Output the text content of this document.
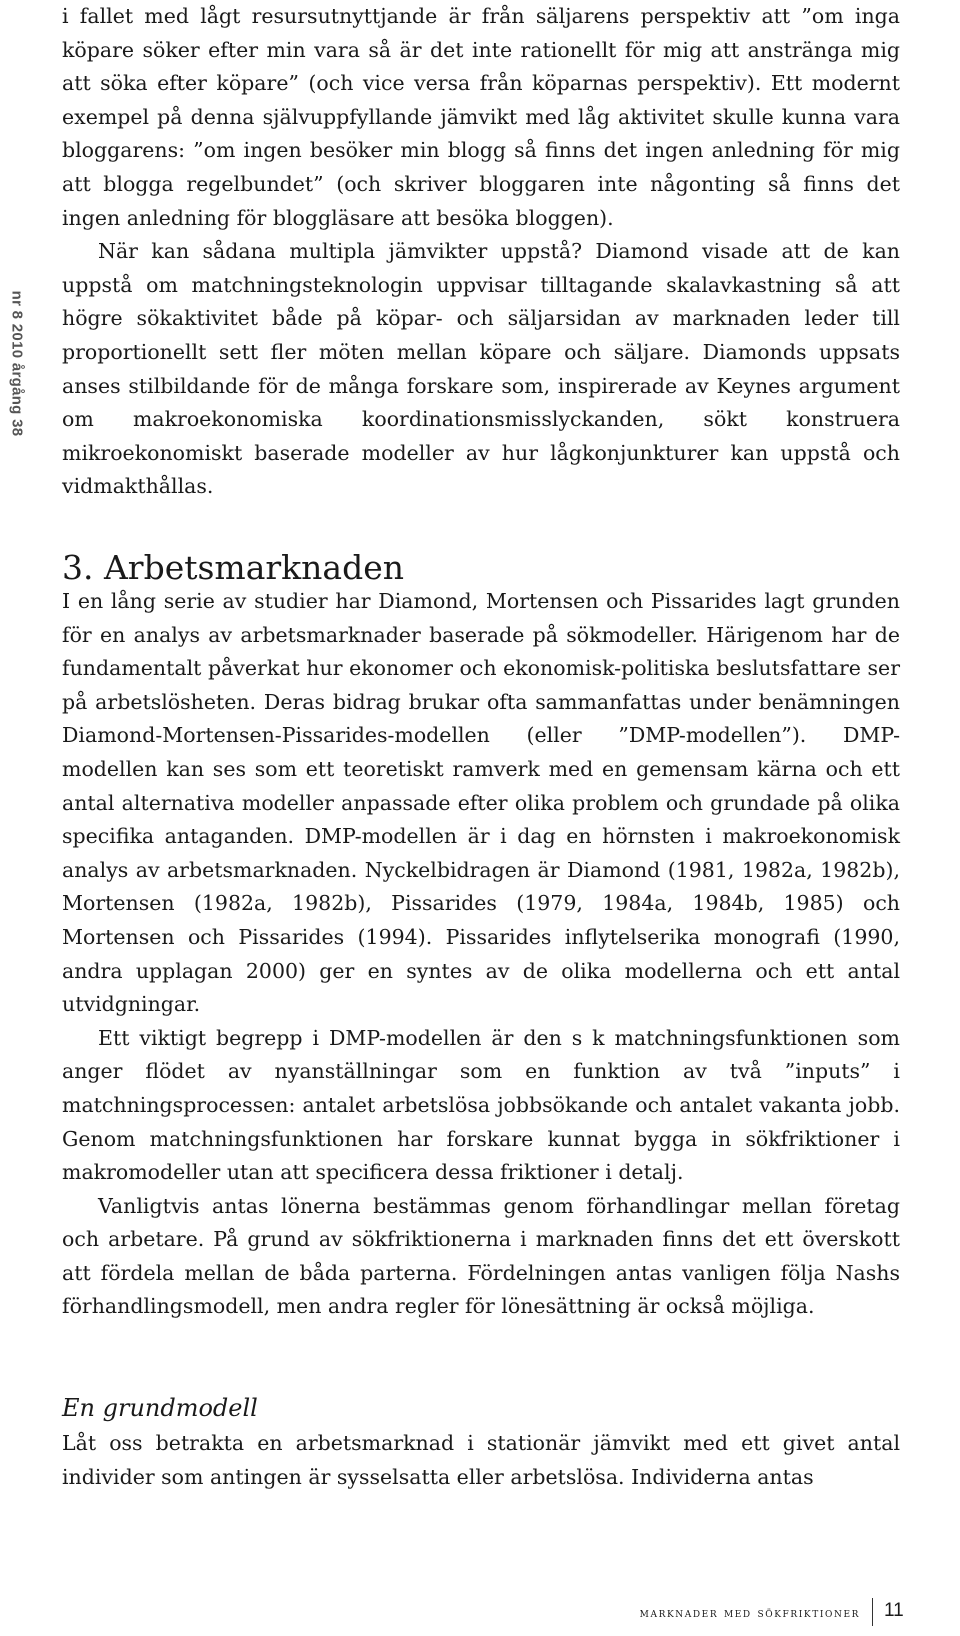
nr 8 2010 årgång 38

i fallet med lågt resursutnyttjande är från säljarens perspektiv att ”om inga köpare söker efter min vara så är det inte rationellt för mig att anstränga mig att söka efter köpare” (och vice versa från köparnas perspektiv). Ett modernt exempel på denna självuppfyllande jämvikt med låg aktivitet skulle kunna vara bloggarens: ”om ingen besöker min blogg så finns det ingen anledning för mig att blogga regelbundet” (och skriver bloggaren inte någonting så finns det ingen anledning för bloggläsare att besöka bloggen).

När kan sådana multipla jämvikter uppstå? Diamond visade att de kan uppstå om matchningsteknologin uppvisar tilltagande skalavkastning så att högre sökaktivitet både på köpar- och säljarsidan av marknaden leder till proportionellt sett fler möten mellan köpare och säljare. Diamonds uppsats anses stilbildande för de många forskare som, inspirerade av Keynes argument om makroekonomiska koordinationsmisslyckanden, sökt konstruera mikroekonomiskt baserade modeller av hur lågkonjunkturer kan uppstå och vidmakthållas.

3. Arbetsmarknaden

I en lång serie av studier har Diamond, Mortensen och Pissarides lagt grunden för en analys av arbetsmarknader baserade på sökmodeller. Härigenom har de fundamentalt påverkat hur ekonomer och ekonomisk-politiska beslutsfattare ser på arbetslösheten. Deras bidrag brukar ofta sammanfattas under benämningen Diamond-Mortensen-Pissarides-modellen (eller ”DMP-modellen”). DMP-modellen kan ses som ett teoretiskt ramverk med en gemensam kärna och ett antal alternativa modeller anpassade efter olika problem och grundade på olika specifika antaganden. DMP-modellen är i dag en hörnsten i makroekonomisk analys av arbetsmarknaden. Nyckelbidragen är Diamond (1981, 1982a, 1982b), Mortensen (1982a, 1982b), Pissarides (1979, 1984a, 1984b, 1985) och Mortensen och Pissarides (1994). Pissarides inflytelserika monografi (1990, andra upplagan 2000) ger en syntes av de olika modellerna och ett antal utvidgningar.

Ett viktigt begrepp i DMP-modellen är den s k matchningsfunktionen som anger flödet av nyanställningar som en funktion av två ”inputs” i matchningsprocessen: antalet arbetslösa jobbsökande och antalet vakanta jobb. Genom matchningsfunktionen har forskare kunnat bygga in sökfriktioner i makromodeller utan att specificera dessa friktioner i detalj.

Vanligtvis antas lönerna bestämmas genom förhandlingar mellan företag och arbetare. På grund av sökfriktionerna i marknaden finns det ett överskott att fördela mellan de båda parterna. Fördelningen antas vanligen följa Nashs förhandlingsmodell, men andra regler för lönesättning är också möjliga.

En grundmodell

Låt oss betrakta en arbetsmarknad i stationär jämvikt med ett givet antal individer som antingen är sysselsatta eller arbetslösa. Individerna antas

marknader med sökfriktioner 11
